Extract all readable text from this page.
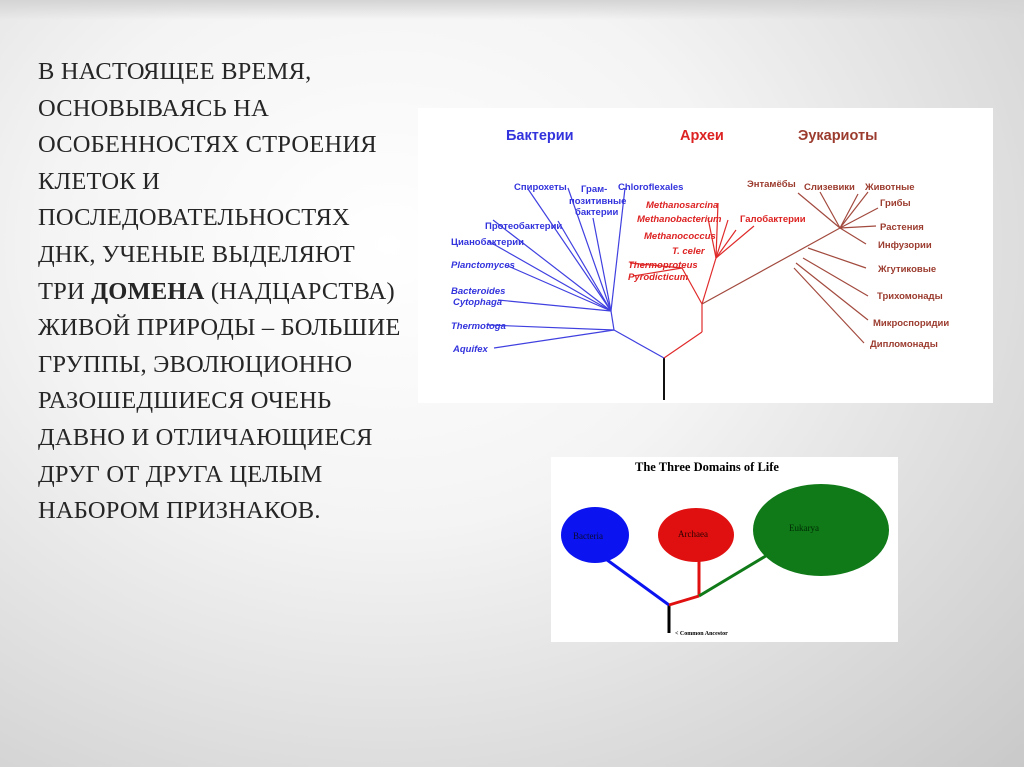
В НАСТОЯЩЕЕ ВРЕМЯ,
ОСНОВЫВАЯСЬ НА
ОСОБЕННОСТЯХ СТРОЕНИЯ
КЛЕТОК И
ПОСЛЕДОВАТЕЛЬНОСТЯХ
ДНК, УЧЕНЫЕ ВЫДЕЛЯЮТ
ТРИ ДОМЕНА (НАДЦАРСТВА)
ЖИВОЙ ПРИРОДЫ – БОЛЬШИЕ
ГРУППЫ, ЭВОЛЮЦИОННО
РАЗОШЕДШИЕСЯ ОЧЕНЬ
ДАВНО И ОТЛИЧАЮЩИЕСЯ
ДРУГ ОТ ДРУГА ЦЕЛЫМ
НАБОРОМ ПРИЗНАКОВ.
Бактерии	Археи	Эукариоты
Спирохеты Грам-
позитивные
бактерии
Chloroflexales
Протеобактерии
Цианобактерии
Planctomyces
Bacteroides
Cytophaga
Thermotoga
Aquifex
Methanosarcina
Methanobacterium Галобактерии
Methanococcus
T. celer
Thermoproteus
Pyrodicticum
Энтамёбы Слизевики Животные
Грибы
Растения
Инфузории
Жгутиковые
Трихомонады
Микроспоридии
Дипломонады
The Three Domains of Life
Bacteria	Archaea
Eukarya
< Common Ancestor
